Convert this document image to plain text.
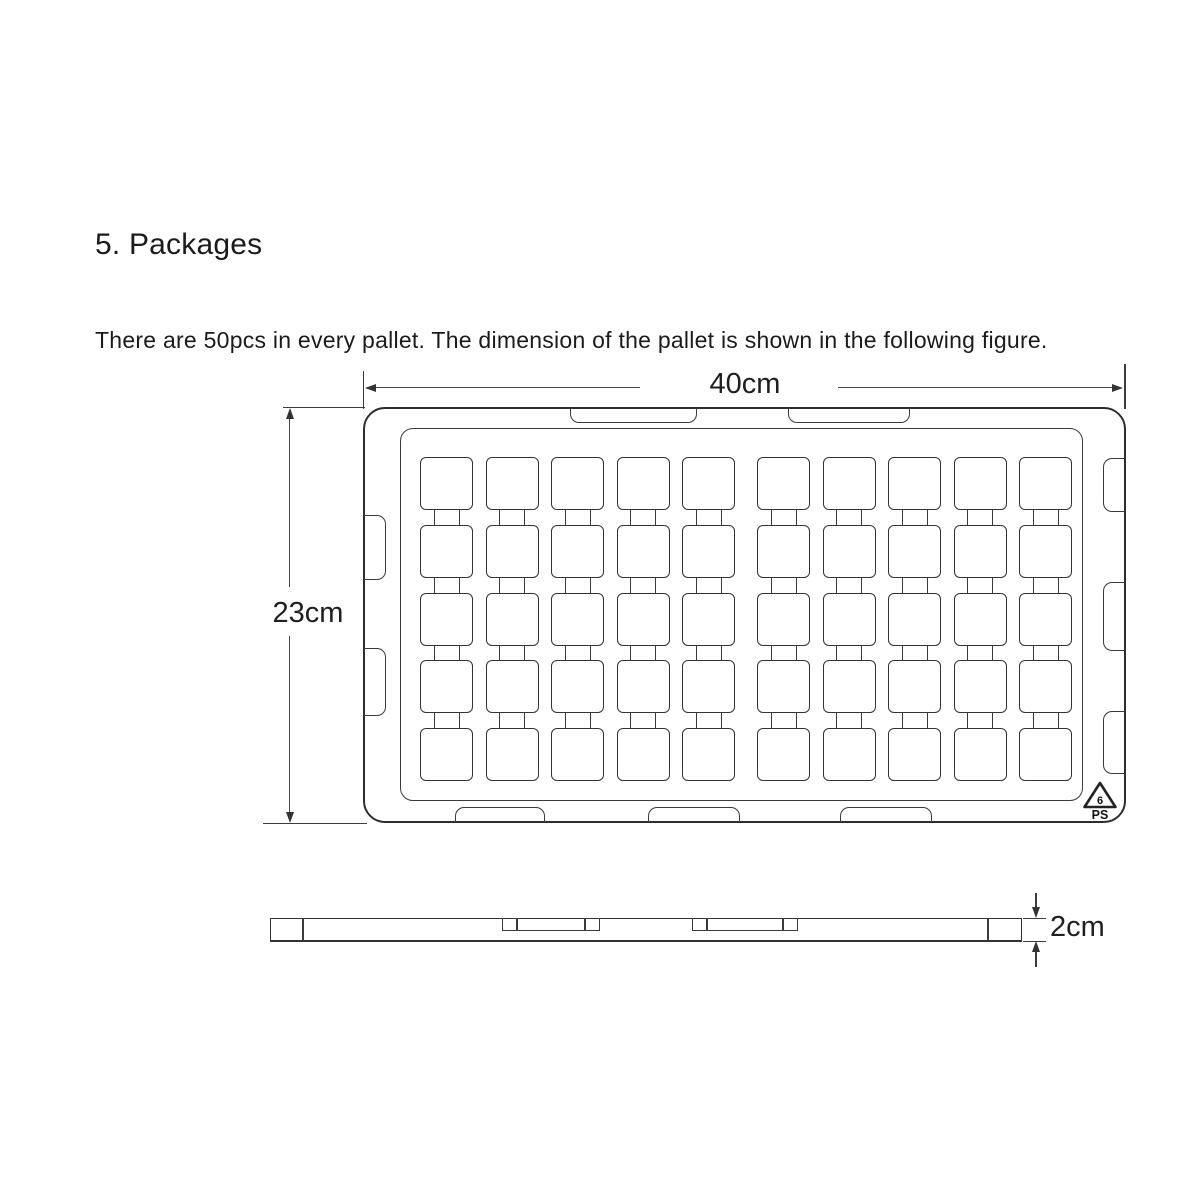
5. Packages

There are 50pcs in every pallet. The dimension of the pallet is shown in the following figure.

40cm
23cm
6
PS
2cm
